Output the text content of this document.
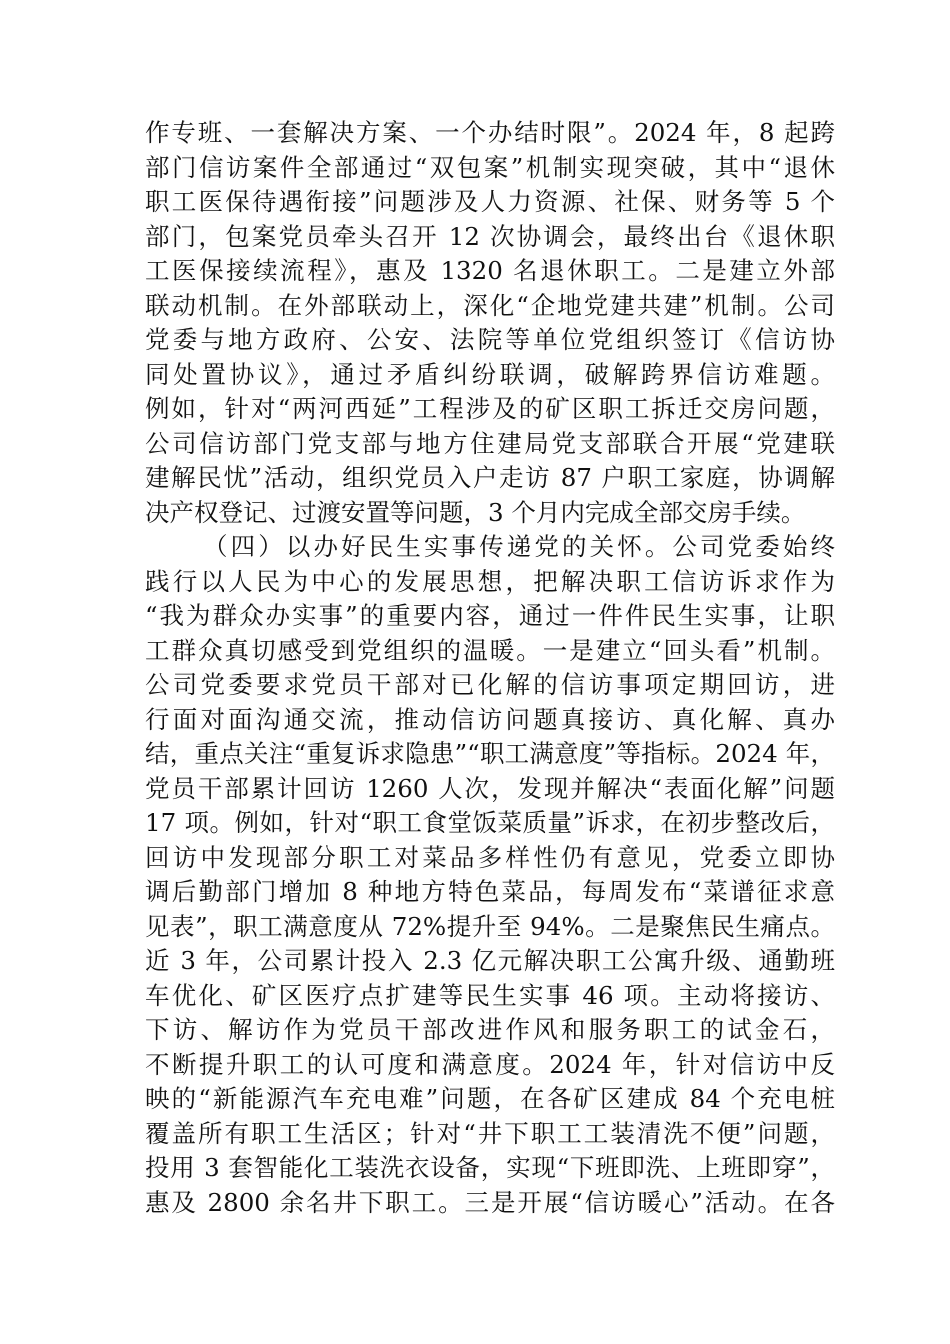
作专班、一套解决方案、一个办结时限”。2024 年，8 起跨
部门信访案件全部通过“双包案”机制实现突破，其中“退休
职工医保待遇衔接”问题涉及人力资源、社保、财务等 5 个
部门，包案党员牵头召开 12 次协调会，最终出台《退休职
工医保接续流程》，惠及 1320 名退休职工。二是建立外部
联动机制。在外部联动上，深化“企地党建共建”机制。公司
党委与地方政府、公安、法院等单位党组织签订《信访协
同处置协议》，通过矛盾纠纷联调，破解跨界信访难题。
例如，针对“两河西延”工程涉及的矿区职工拆迁交房问题，
公司信访部门党支部与地方住建局党支部联合开展“党建联
建解民忧”活动，组织党员入户走访 87 户职工家庭，协调解
决产权登记、过渡安置等问题，3 个月内完成全部交房手续。
（四）以办好民生实事传递党的关怀。公司党委始终
践行以人民为中心的发展思想，把解决职工信访诉求作为
“我为群众办实事”的重要内容，通过一件件民生实事，让职
工群众真切感受到党组织的温暖。一是建立“回头看”机制。
公司党委要求党员干部对已化解的信访事项定期回访，进
行面对面沟通交流，推动信访问题真接访、真化解、真办
结，重点关注“重复诉求隐患”“职工满意度”等指标。2024 年，
党员干部累计回访 1260 人次，发现并解决“表面化解”问题
17 项。例如，针对“职工食堂饭菜质量”诉求，在初步整改后，
回访中发现部分职工对菜品多样性仍有意见，党委立即协
调后勤部门增加 8 种地方特色菜品，每周发布“菜谱征求意
见表”，职工满意度从 72%提升至 94%。二是聚焦民生痛点。
近 3 年，公司累计投入 2.3 亿元解决职工公寓升级、通勤班
车优化、矿区医疗点扩建等民生实事 46 项。主动将接访、
下访、解访作为党员干部改进作风和服务职工的试金石，
不断提升职工的认可度和满意度。2024 年，针对信访中反
映的“新能源汽车充电难”问题，在各矿区建成 84 个充电桩
覆盖所有职工生活区；针对“井下职工工装清洗不便”问题，
投用 3 套智能化工装洗衣设备，实现“下班即洗、上班即穿”，
惠及 2800 余名井下职工。三是开展“信访暖心”活动。在各
